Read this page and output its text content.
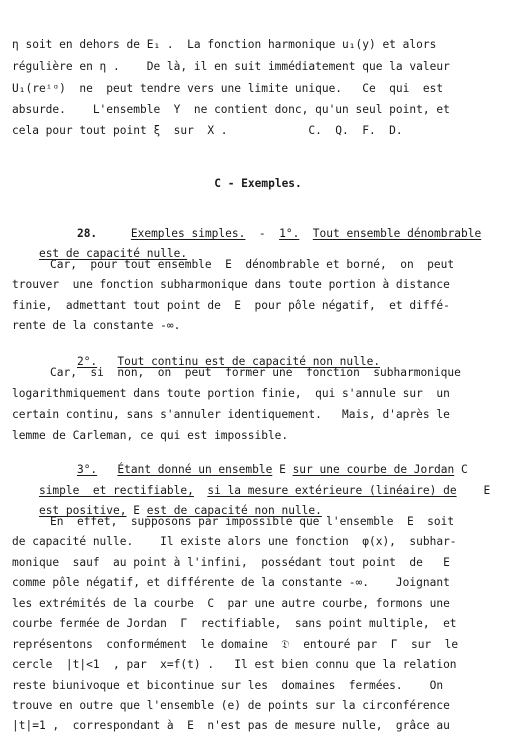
η soit en dehors de E₁ .  La fonction harmonique u₁(y) et alors
régulière en η .    De là, il en suit immédiatement que la valeur
U₁(reⁱᵅ)  ne  peut tendre vers une limite unique.   Ce  qui  est
absurde.    L'ensemble  Y  ne contient donc, qu'un seul point, et
cela pour tout point ξ  sur  X .            C.  Q.  F.  D.
C - Exemples.

28.	Exemples simples. - 1°. Tout ensemble dénombrable

est de capacité nulle.

Car,  pour tout ensemble  E  dénombrable et borné,  on  peut
trouver  une fonction subharmonique dans toute portion à distance
finie,  admettant tout point de  E  pour pôle négatif,  et diffé-
rente de la constante -∞.

2°. Tout continu est de capacité non nulle.

Car,  si  non,  on  peut  former une  fonction  subharmonique
logarithmiquement dans toute portion finie,  qui s'annule sur  un
certain continu, sans s'annuler identiquement.   Mais, d'après le
lemme de Carleman, ce qui est impossible.

3°. Étant donné un ensemble E sur une courbe de Jordan C

simple  et rectifiable, si la mesure extérieure (linéaire) de E

est positive, E est de capacité non nulle.

En  effet,  supposons par impossible que l'ensemble  E  soit
de capacité nulle.    Il existe alors une fonction  φ(x),  subhar-
monique  sauf  au point à l'infini,  possédant tout point  de   E
comme pôle négatif, et différente de la constante -∞.    Joignant
les extrémités de la courbe  C  par une autre courbe, formons une
courbe fermée de Jordan  Γ  rectifiable,  sans point multiple,  et
représentons  conformément  le domaine  𝔇  entouré par  Γ  sur  le
cercle  |t|<1  , par  x=f(t) .   Il est bien connu que la relation
reste biunivoque et bicontinue sur les  domaines  fermées.    On
trouve en outre que l'ensemble (e) de points sur la circonférence
|t|=1 ,  correspondant à  E  n'est pas de mesure nulle,  grâce au
